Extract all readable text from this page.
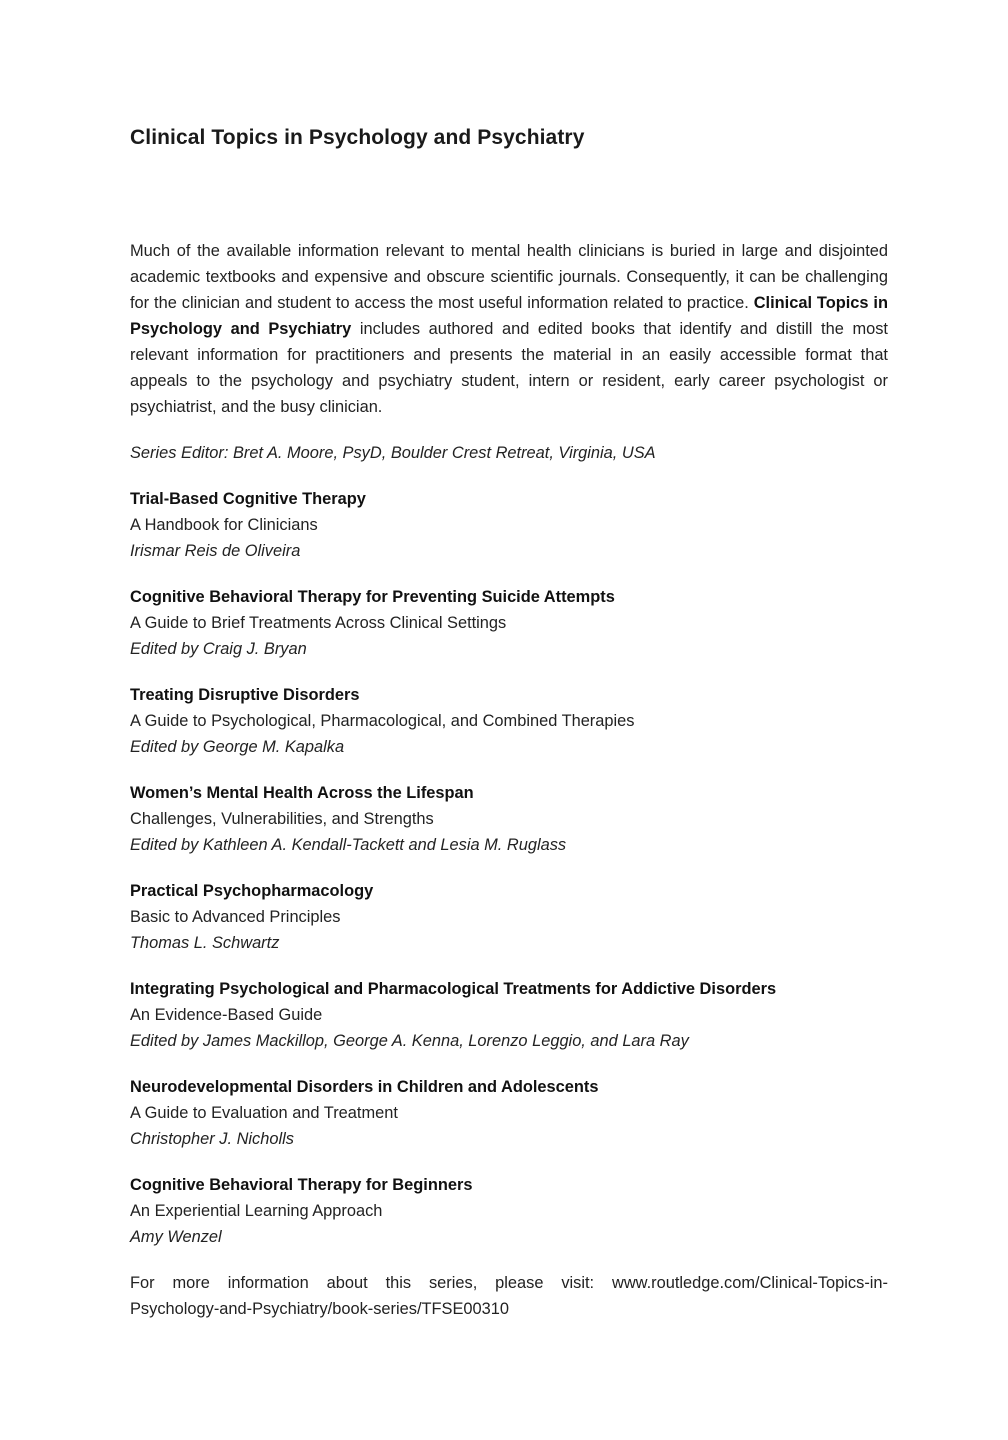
Clinical Topics in Psychology and Psychiatry

Much of the available information relevant to mental health clinicians is buried in large and disjointed academic textbooks and expensive and obscure scientific journals. Consequently, it can be challenging for the clinician and student to access the most useful information related to practice. Clinical Topics in Psychology and Psychiatry includes authored and edited books that identify and distill the most relevant information for practitioners and presents the material in an easily accessible format that appeals to the psychology and psychiatry student, intern or resident, early career psychologist or psychiatrist, and the busy clinician.

Series Editor: Bret A. Moore, PsyD, Boulder Crest Retreat, Virginia, USA

Trial-Based Cognitive Therapy
A Handbook for Clinicians
Irismar Reis de Oliveira
Cognitive Behavioral Therapy for Preventing Suicide Attempts
A Guide to Brief Treatments Across Clinical Settings
Edited by Craig J. Bryan
Treating Disruptive Disorders
A Guide to Psychological, Pharmacological, and Combined Therapies
Edited by George M. Kapalka
Women’s Mental Health Across the Lifespan
Challenges, Vulnerabilities, and Strengths
Edited by Kathleen A. Kendall-Tackett and Lesia M. Ruglass
Practical Psychopharmacology
Basic to Advanced Principles
Thomas L. Schwartz
Integrating Psychological and Pharmacological Treatments for Addictive Disorders
An Evidence-Based Guide
Edited by James Mackillop, George A. Kenna, Lorenzo Leggio, and Lara Ray
Neurodevelopmental Disorders in Children and Adolescents
A Guide to Evaluation and Treatment
Christopher J. Nicholls
Cognitive Behavioral Therapy for Beginners
An Experiential Learning Approach
Amy Wenzel

For more information about this series, please visit: www.routledge.com/Clinical-Topics-in-
Psychology-and-Psychiatry/book-series/TFSE00310
